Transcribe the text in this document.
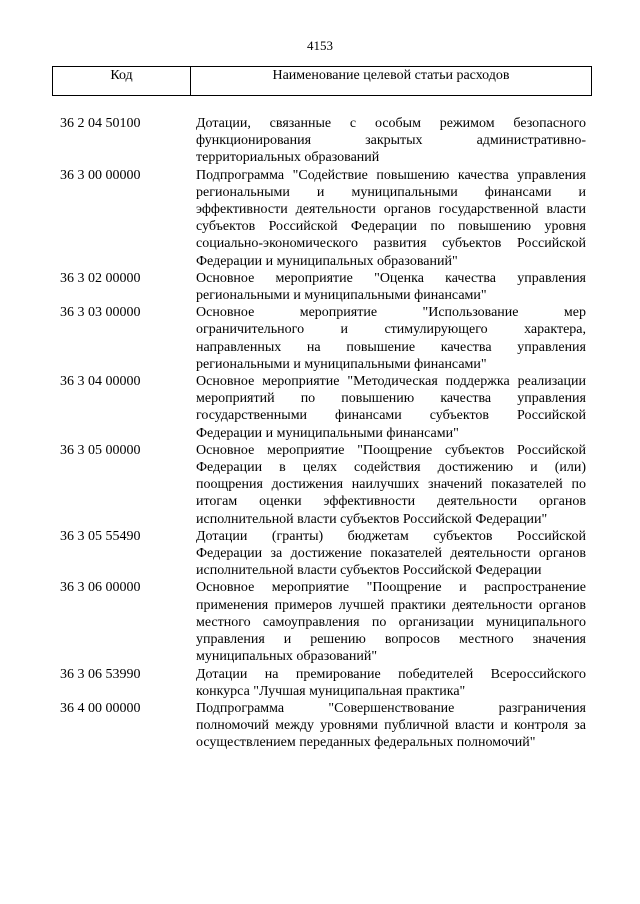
4153
Код	Наименование целевой статьи расходов
36 2 04 50100	Дотации, связанные с особым режимом безопасного
функционирования закрытых административно-
территориальных образований
36 3 00 00000	Подпрограмма "Содействие повышению качества управления
региональными и муниципальными финансами и
эффективности деятельности органов государственной власти
субъектов Российской Федерации по повышению уровня
социально-экономического развития субъектов Российской
Федерации и муниципальных образований"
36 3 02 00000	Основное мероприятие "Оценка качества управления
региональными и муниципальными финансами"
36 3 03 00000	Основное мероприятие "Использование мер
ограничительного и стимулирующего характера,
направленных на повышение качества управления
региональными и муниципальными финансами"
36 3 04 00000	Основное мероприятие "Методическая поддержка реализации
мероприятий по повышению качества управления
государственными финансами субъектов Российской
Федерации и муниципальными финансами"
36 3 05 00000	Основное мероприятие "Поощрение субъектов Российской
Федерации в целях содействия достижению и (или)
поощрения достижения наилучших значений показателей по
итогам оценки эффективности деятельности органов
исполнительной власти субъектов Российской Федерации"
36 3 05 55490	Дотации (гранты) бюджетам субъектов Российской
Федерации за достижение показателей деятельности органов
исполнительной власти субъектов Российской Федерации
36 3 06 00000	Основное мероприятие "Поощрение и распространение
применения примеров лучшей практики деятельности органов
местного самоуправления по организации муниципального
управления и решению вопросов местного значения
муниципальных образований"
36 3 06 53990	Дотации на премирование победителей Всероссийского
конкурса "Лучшая муниципальная практика"
36 4 00 00000	Подпрограмма "Совершенствование разграничения
полномочий между уровнями публичной власти и контроля за
осуществлением переданных федеральных полномочий"
